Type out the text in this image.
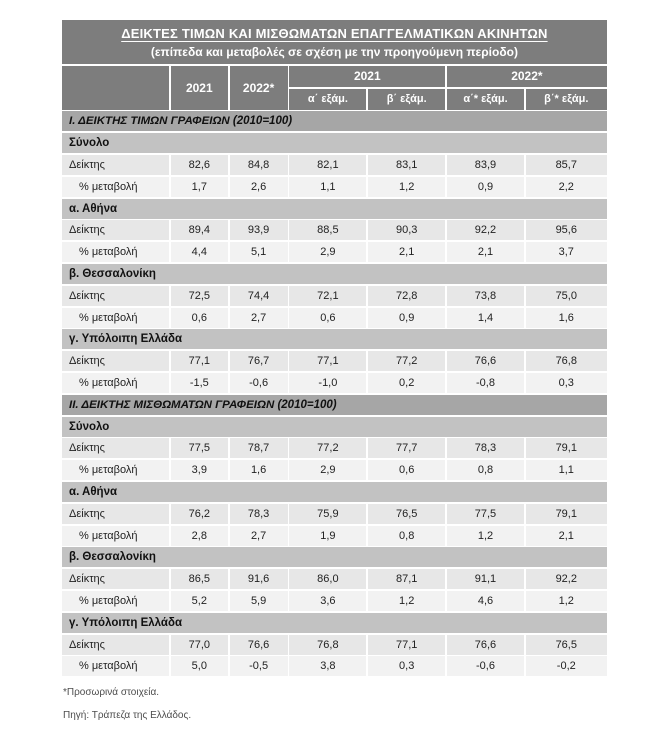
ΔΕΙΚΤΕΣ ΤΙΜΩΝ ΚΑΙ ΜΙΣΘΩΜΑΤΩΝ ΕΠΑΓΓΕΛΜΑΤΙΚΩΝ ΑΚΙΝΗΤΩΝ
(επίπεδα και μεταβολές σε σχέση με την προηγούμενη περίοδο)
2021	2022*
2021	2022*
α΄ εξάμ.	β΄ εξάμ.	α΄* εξάμ.	β΄* εξάμ.
Ι. ΔΕΙΚΤΗΣ ΤΙΜΩΝ ΓΡΑΦΕΙΩΝ (2010=100)
Σύνολο
Δείκτης	82,6	84,8	82,1	83,1	83,9	85,7
% μεταβολή	1,7	2,6	1,1	1,2	0,9	2,2
α. Αθήνα
Δείκτης	89,4	93,9	88,5	90,3	92,2	95,6
% μεταβολή	4,4	5,1	2,9	2,1	2,1	3,7
β. Θεσσαλονίκη
Δείκτης	72,5	74,4	72,1	72,8	73,8	75,0
% μεταβολή	0,6	2,7	0,6	0,9	1,4	1,6
γ. Υπόλοιπη Ελλάδα
Δείκτης	77,1	76,7	77,1	77,2	76,6	76,8
% μεταβολή	-1,5	-0,6	-1,0	0,2	-0,8	0,3
ΙΙ. ΔΕΙΚΤΗΣ ΜΙΣΘΩΜΑΤΩΝ ΓΡΑΦΕΙΩΝ (2010=100)
Σύνολο
Δείκτης	77,5	78,7	77,2	77,7	78,3	79,1
% μεταβολή	3,9	1,6	2,9	0,6	0,8	1,1
α. Αθήνα
Δείκτης	76,2	78,3	75,9	76,5	77,5	79,1
% μεταβολή	2,8	2,7	1,9	0,8	1,2	2,1
β. Θεσσαλονίκη
Δείκτης	86,5	91,6	86,0	87,1	91,1	92,2
% μεταβολή	5,2	5,9	3,6	1,2	4,6	1,2
γ. Υπόλοιπη Ελλάδα
Δείκτης	77,0	76,6	76,8	77,1	76,6	76,5
% μεταβολή	5,0	-0,5	3,8	0,3	-0,6	-0,2
*Προσωρινά στοιχεία.
Πηγή: Τράπεζα της Ελλάδος.
